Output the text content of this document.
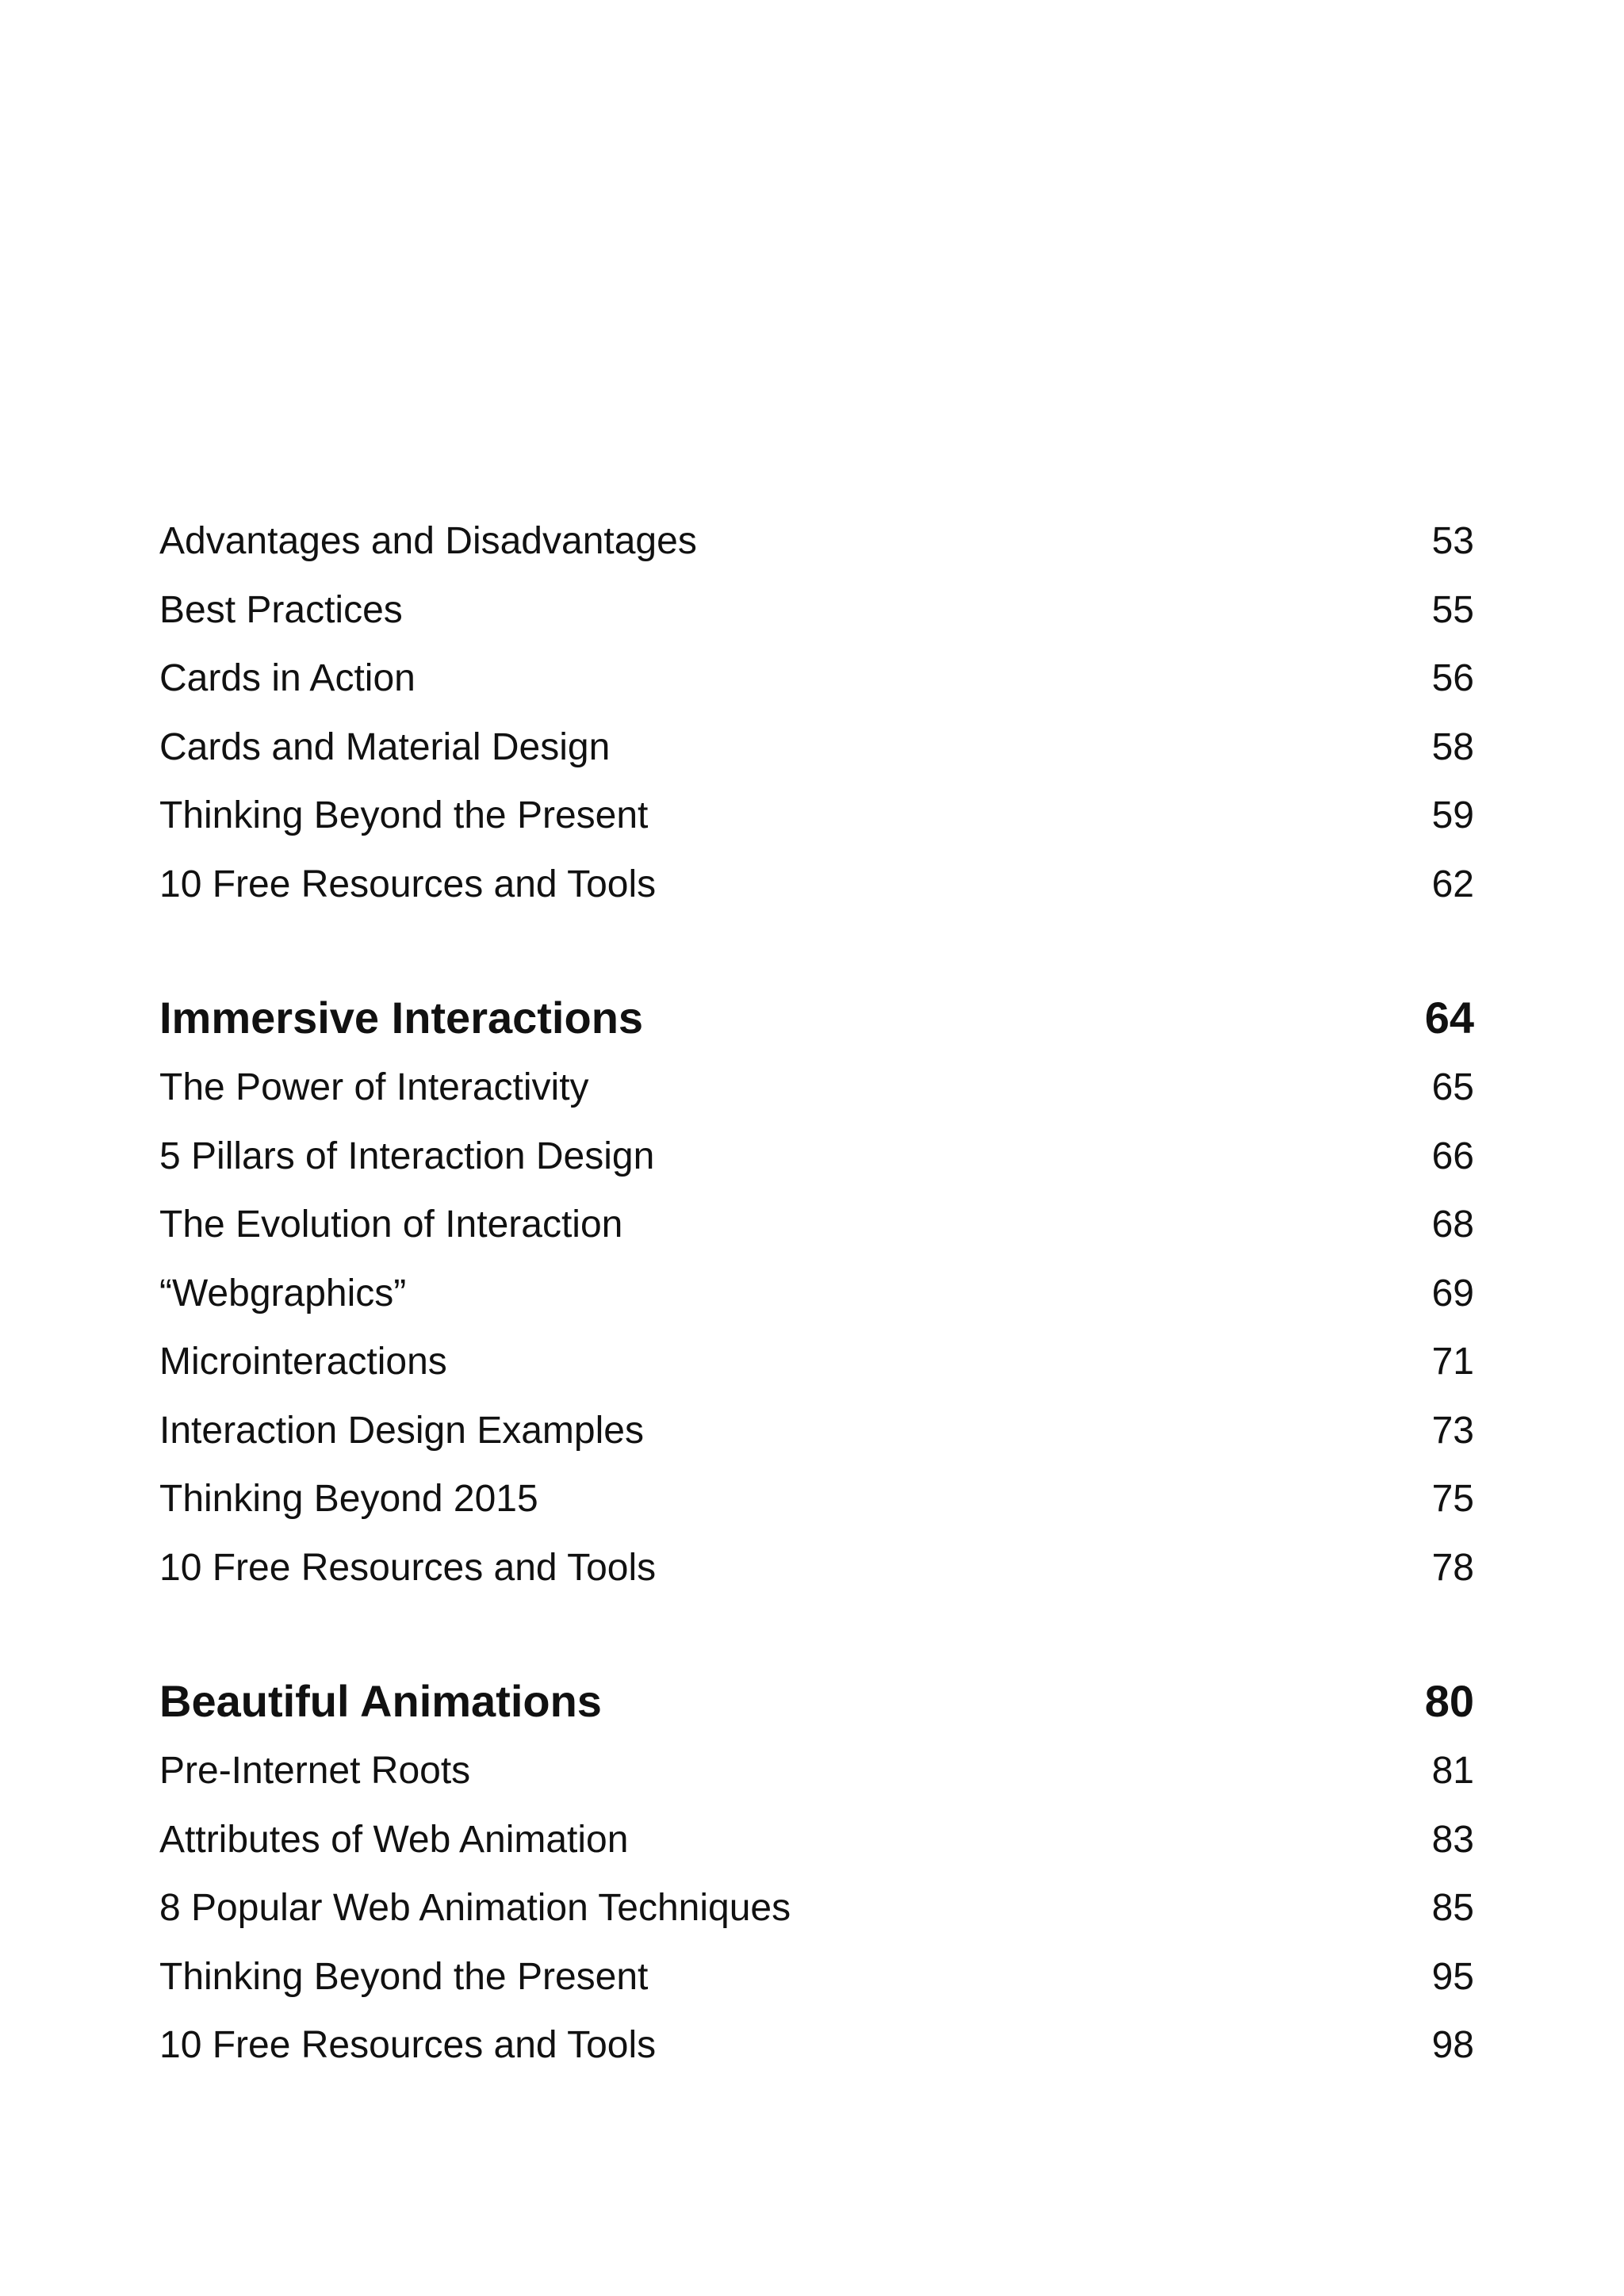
Advantages and Disadvantages	53
Best Practices	55
Cards in Action	56
Cards and Material Design	58
Thinking Beyond the Present	59
10 Free Resources and Tools	62
Immersive Interactions	64
The Power of Interactivity	65
5 Pillars of Interaction Design	66
The Evolution of Interaction	68
“Webgraphics”	69
Microinteractions	71
Interaction Design Examples	73
Thinking Beyond 2015	75
10 Free Resources and Tools	78
Beautiful Animations	80
Pre-Internet Roots	81
Attributes of Web Animation	83
8 Popular Web Animation Techniques	85
Thinking Beyond the Present	95
10 Free Resources and Tools	98
